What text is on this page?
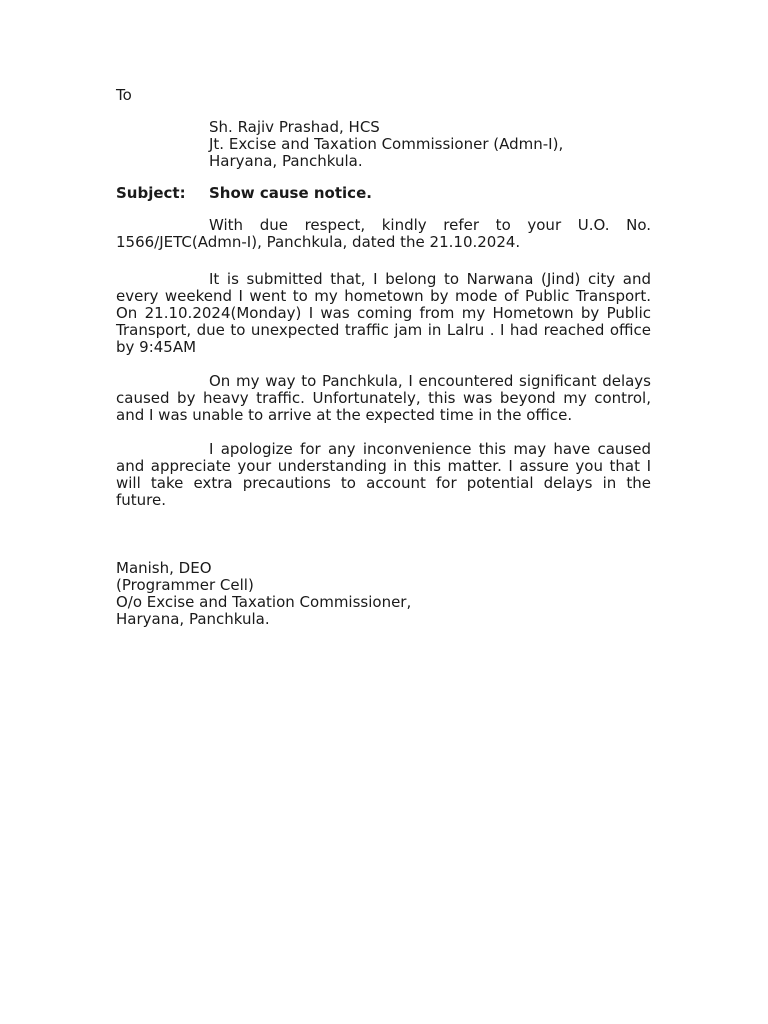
To
Sh. Rajiv Prashad, HCS
Jt. Excise and Taxation Commissioner (Admn-I),
Haryana, Panchkula.
Subject:	Show cause notice.

With due respect, kindly refer to your U.O. No. 1566/JETC(Admn-I), Panchkula, dated the 21.10.2024.

It is submitted that, I belong to Narwana (Jind) city and every weekend I went to my hometown by mode of Public Transport. On 21.10.2024(Monday) I was coming from my Hometown by Public Transport, due to unexpected traffic jam in Lalru . I had reached office by 9:45AM

On my way to Panchkula, I encountered significant delays caused by heavy traffic. Unfortunately, this was beyond my control, and I was unable to arrive at the expected time in the office.

I apologize for any inconvenience this may have caused and appreciate your understanding in this matter. I assure you that I will take extra precautions to account for potential delays in the future.

Manish, DEO
(Programmer Cell)
O/o Excise and Taxation Commissioner,
Haryana, Panchkula.
